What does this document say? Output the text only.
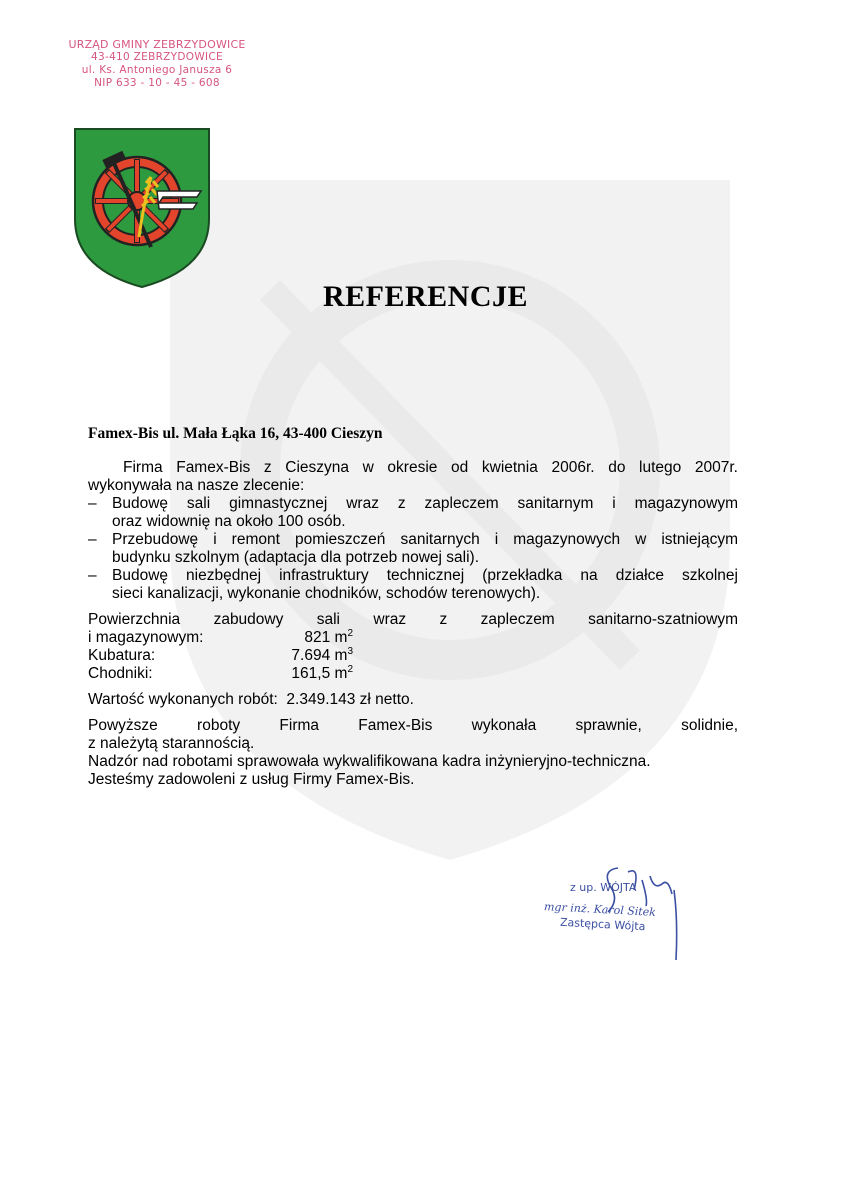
URZĄD GMINY ZEBRZYDOWICE
43-410 ZEBRZYDOWICE
ul. Ks. Antoniego Janusza 6
NIP 633 - 10 - 45 - 608
REFERENCJE
Famex-Bis ul. Mała Łąka 16, 43-400 Cieszyn

Firma Famex-Bis z Cieszyna w okresie od kwietnia 2006r. do lutego 2007r.

wykonywała na nasze zlecenie:

– Budowę sali gimnastycznej wraz z zapleczem sanitarnym i magazynowym

oraz widownię na około 100 osób.

– Przebudowę i remont pomieszczeń sanitarnych i magazynowych w istniejącym

budynku szkolnym (adaptacja dla potrzeb nowej sali).

– Budowę niezbędnej infrastruktury technicznej (przekładka na działce szkolnej

sieci kanalizacji, wykonanie chodników, schodów terenowych).

Powierzchnia zabudowy sali wraz z zapleczem sanitarno-szatniowym

i magazynowym:	821 $m^2$
Kubatura:	7.694 $m^3$
Chodniki:	161,5 $m^2$

Wartość wykonanych robót:  2.349.143 zł netto.

Powyższe roboty Firma Famex-Bis wykonała sprawnie, solidnie,

z należytą starannością.

Nadzór nad robotami sprawowała wykwalifikowana kadra inżynieryjno-techniczna.

Jesteśmy zadowoleni z usług Firmy Famex-Bis.

z up. WÓJTA
mgr inż. Karol Sitek
Zastępca Wójta
